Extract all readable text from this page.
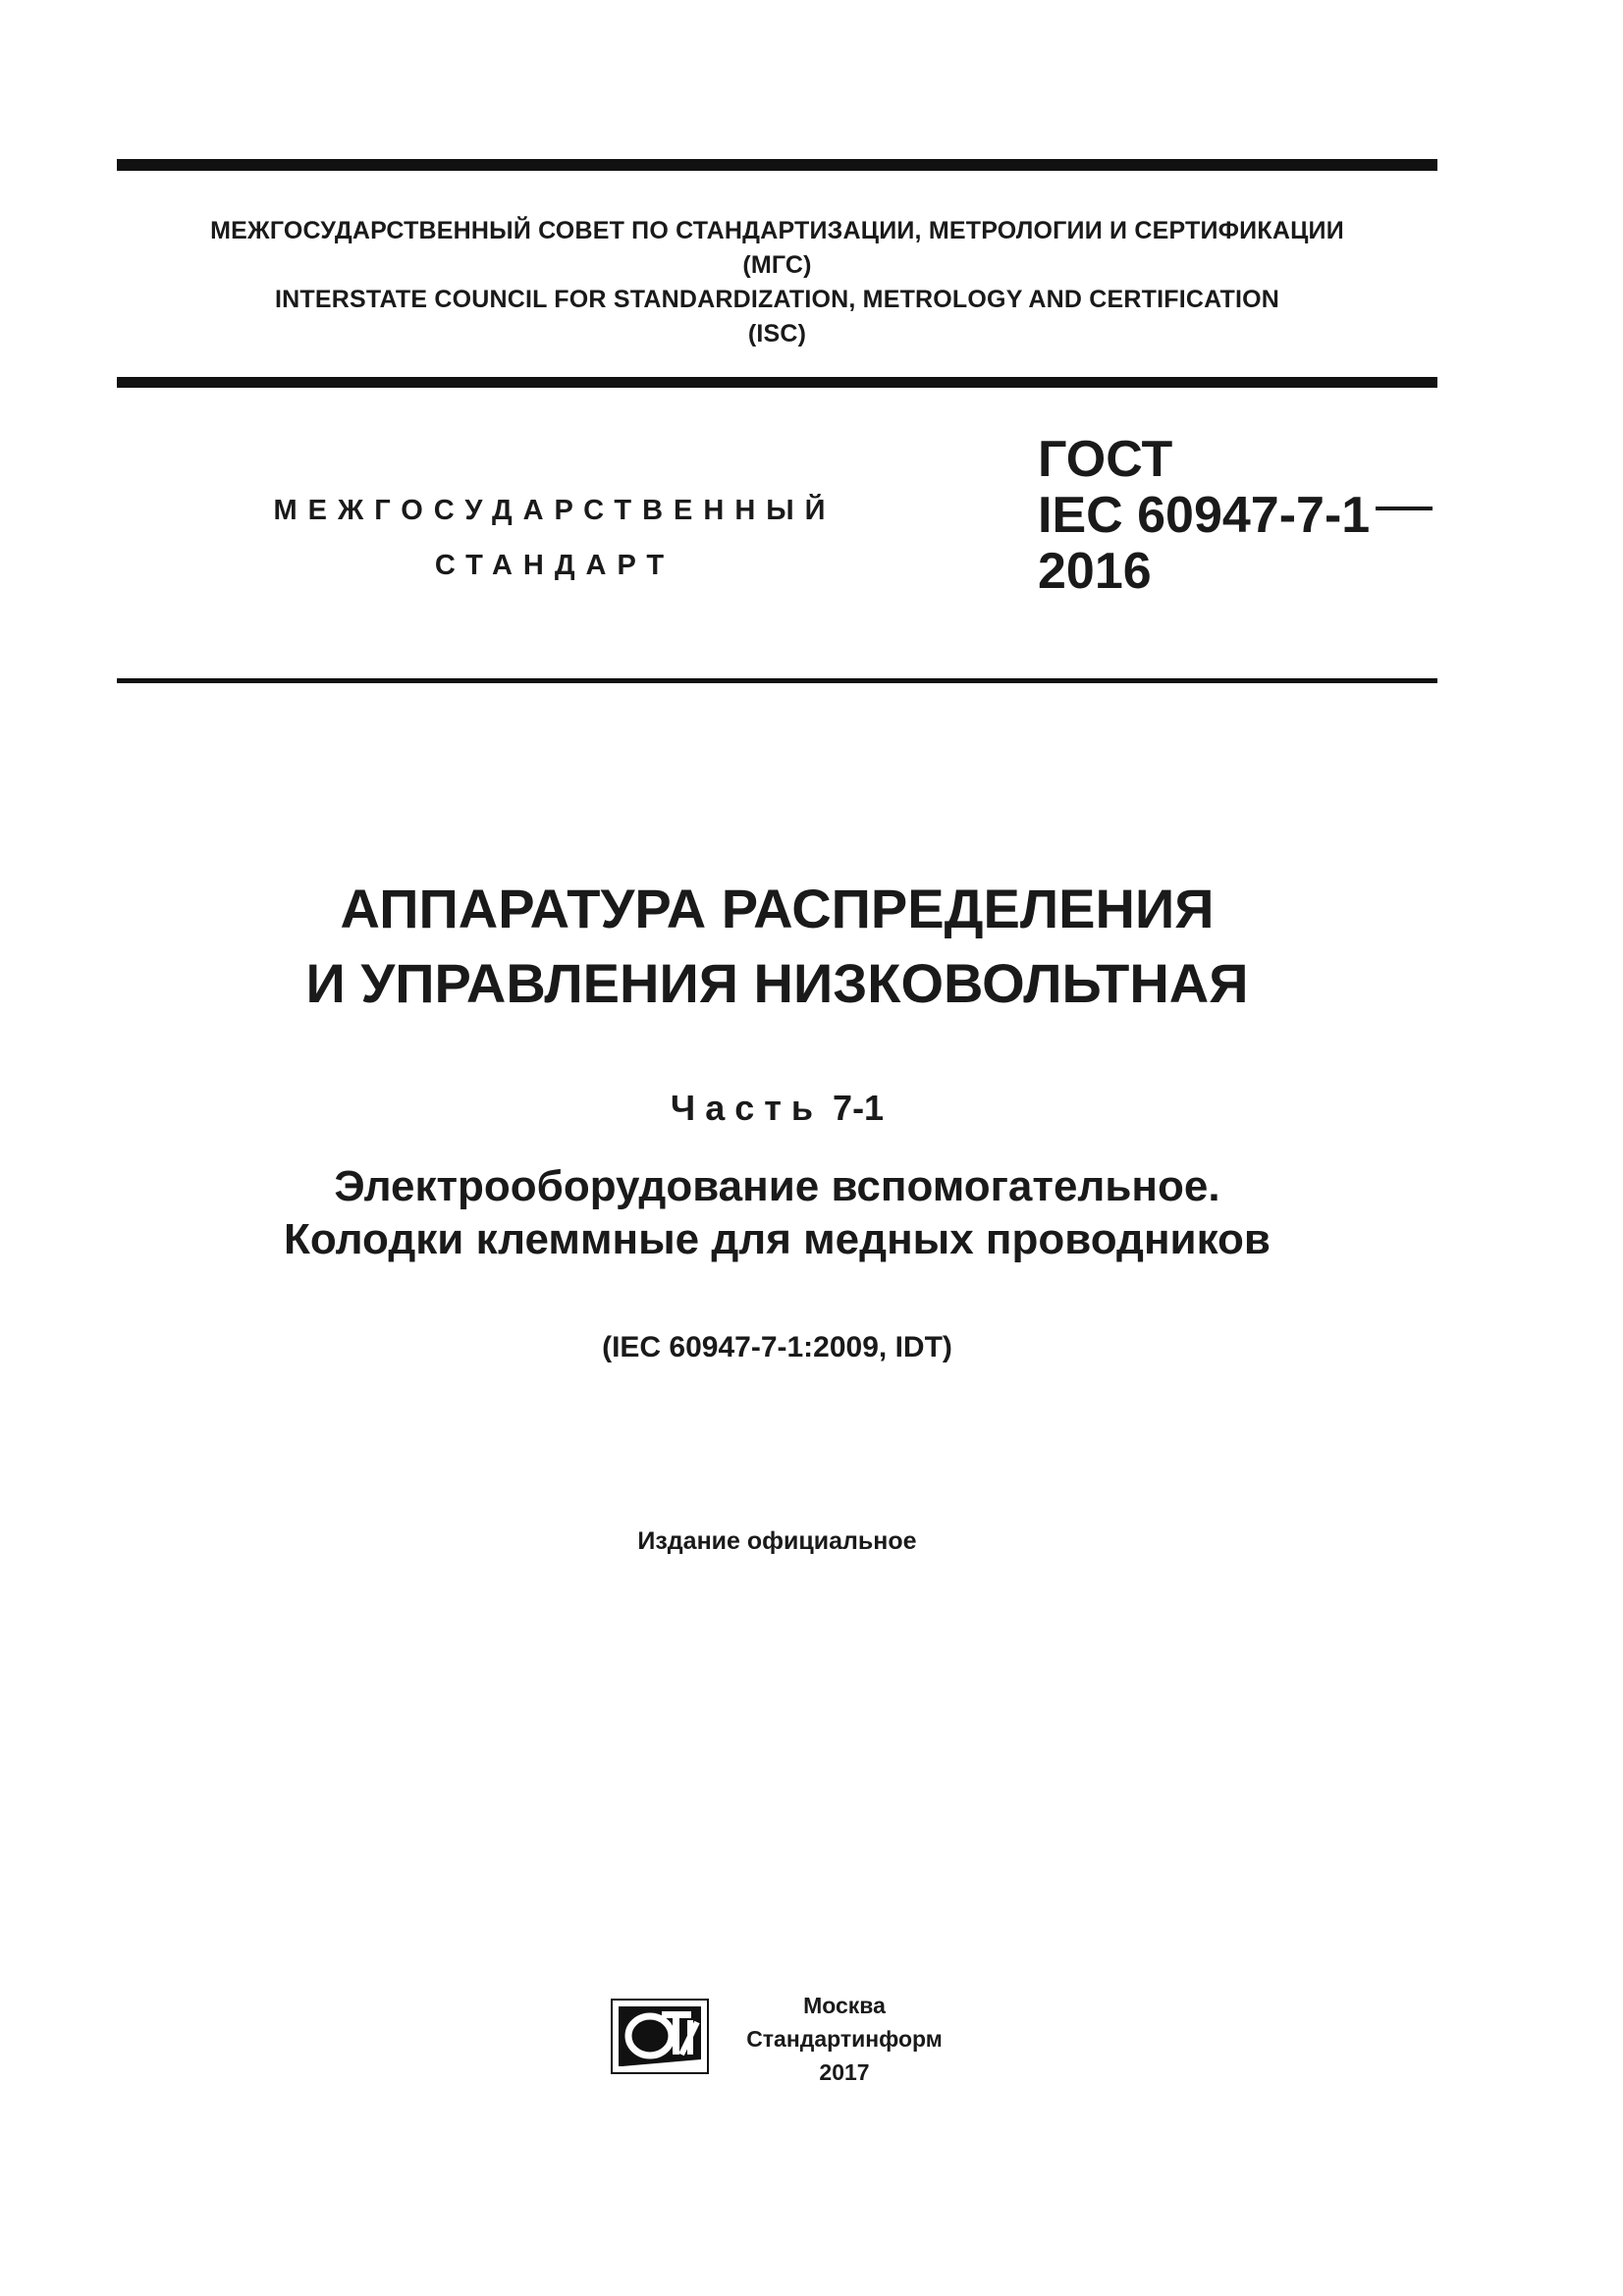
МЕЖГОСУДАРСТВЕННЫЙ СОВЕТ ПО СТАНДАРТИЗАЦИИ, МЕТРОЛОГИИ И СЕРТИФИКАЦИИ
(МГС)
INTERSTATE COUNCIL FOR STANDARDIZATION, METROLOGY AND CERTIFICATION
(ISC)
МЕЖГОСУДАРСТВЕННЫЙ
СТАНДАРТ
ГОСТ
IEC 60947-7-1
2016
АППАРАТУРА РАСПРЕДЕЛЕНИЯ
И УПРАВЛЕНИЯ НИЗКОВОЛЬТНАЯ
Часть 7-1
Электрооборудование вспомогательное.
Колодки клеммные для медных проводников
(IEC 60947-7-1:2009, IDT)
Издание официальное
Москва
Стандартинформ
2017
